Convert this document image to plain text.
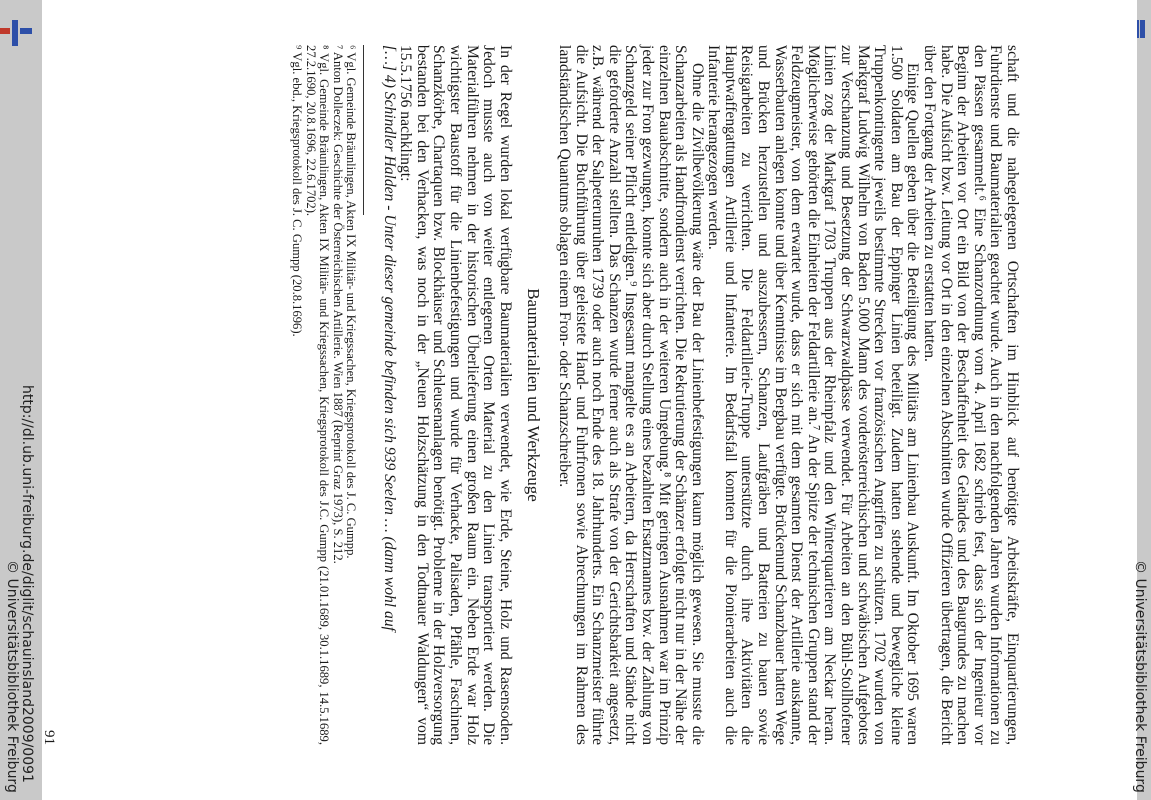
http://dl.ub.uni-freiburg.de/diglit/schauinsland2009/0091
© Universitätsbibliothek Freiburg	© Universitätsbibliothek Freiburg

schaft und die nahegelegenen Ortschaften im Hinblick auf benötigte Arbeitskräfte, Einquartierungen, Fuhrdienste und Baumaterialien geachtet wurde. Auch in den nachfolgenden Jahren wurden Informationen zu den Pässen gesammelt.⁶ Eine Schanzordnung vom 4. April 1682 schrieb fest, dass sich der Ingenieur vor Beginn der Arbeiten vor Ort ein Bild von der Beschaffenheit des Geländes und des Baugrundes zu machen habe. Die Aufsicht bzw. Leitung vor Ort in den einzelnen Abschnitten wurde Offizieren übertragen, die Bericht über den Fortgang der Arbeiten zu erstatten hatten.

Einige Quellen geben über die Beteiligung des Militärs am Linienbau Auskunft. Im Oktober 1695 waren 1.500 Soldaten am Bau der Eppinger Linien beteiligt. Zudem hatten stehende und bewegliche kleine Truppenkontingente jeweils bestimmte Strecken vor französischen Angriffen zu schützen. 1702 wurden von Markgraf Ludwig Wilhelm von Baden 5.000 Mann des vorderösterreichischen und schwäbischen Aufgebotes zur Verschanzung und Besetzung der Schwarzwaldpässe verwendet. Für Arbeiten an den Bühl-Stollhofener Linien zog der Markgraf 1703 Truppen aus der Rheinpfalz und den Winterquartieren am Neckar heran. Möglicherweise gehörten die Einheiten der Feldartillerie an.⁷ An der Spitze der technischen Gruppen stand der Feldzeugmeister, von dem erwartet wurde, dass er sich mit dem gesamten Dienst der Artillerie auskannte, Wasserbauten anlegen konnte und über Kenntnisse im Bergbau verfügte. Brückenund Schanzbauer hatten Wege und Brücken herzustellen und auszubessern, Schanzen, Laufgräben und Batterien zu bauen sowie Reisigarbeiten zu verrichten. Die Feldartillerie-Truppe unterstützte durch ihre Aktivitäten die Hauptwaffengattungen Artillerie und Infanterie. Im Bedarfsfall konnten für die Pionierarbeiten auch die Infanterie herangezogen werden.

Ohne die Zivilbevölkerung wäre der Bau der Linienbefestigungen kaum möglich gewesen. Sie musste die Schanzarbeiten als Handfrondienst verrichten. Die Rekrutierung der Schänzer erfolgte nicht nur in der Nähe der einzelnen Bauabschnitte, sondern auch in der weiteren Umgebung.⁸ Mit geringen Ausnahmen war im Prinzip jeder zur Fron gezwungen, konnte sich aber durch Stellung eines bezahlten Ersatzmannes bzw. der Zahlung von Schanzgeld seiner Pflicht entledigen.⁹ Insgesamt mangelte es an Arbeitern, da Herrschaften und Stände nicht die geforderte Anzahl stellten. Das Schanzen wurde ferner auch als Strafe von der Gerichtsbarkeit angesetzt, z.B. während der Salpeterunruhen 1739 oder auch noch Ende des 18. Jahrhunderts. Ein Schanzmeister führte die Aufsicht. Die Buchführung über geleistete Hand- und Fuhrfronen sowie Abrechnungen im Rahmen des landständischen Quantums oblagen einem Fron- oder Schanzschreiber.

Baumaterialien und Werkzeuge

In der Regel wurden lokal verfügbare Baumaterialien verwendet, wie Erde, Steine, Holz und Rasensoden. Jedoch musste auch von weiter entlegenen Orten Material zu den Linien transportiert werden. Die Materialführen nehmen in der historischen Überlieferung einen großen Raum ein. Neben Erde war Holz wichtigster Baustoff für die Linienbefestigungen und wurde für Verhacke, Palisaden, Pfähle, Faschinen, Schanzkörbe, Chartaquen bzw. Blockhäuser und Schleusenanlagen benötigt. Probleme in der Holzversorgung bestanden bei den Verhacken, was noch in der „Neuen Holzschätzung in den Todtnauer Waldungen“ vom 15.5.1756 nachklingt:

[…] 4) Schindler Halden - Unter dieser gemeinde befinden sich 939 Seelen … (dann wohl auf

⁶ Vgl. Gemeinde Bräunlingen, Akten IX Militär- und Kriegssachen, Kriegsprotokoll des J. C. Gumpp.

⁷ Anton Dolleczek: Geschichte der Österreichischen Artillerie. Wien 1887 (Reprint Graz 1973), S. 212.

⁸ Vgl. Gemeinde Bräunlingen, Akten IX Militär- und Kriegssachen, Kriegsprotokoll des J.C. Gumpp (21.01.1689, 30.1.1689, 14.5.1689, 27.2.1690, 20.8.1696, 22.6.1702).

⁹ Vgl. ebd., Kriegsprotokoll des J. C. Gumpp (20.8.1696).

91
